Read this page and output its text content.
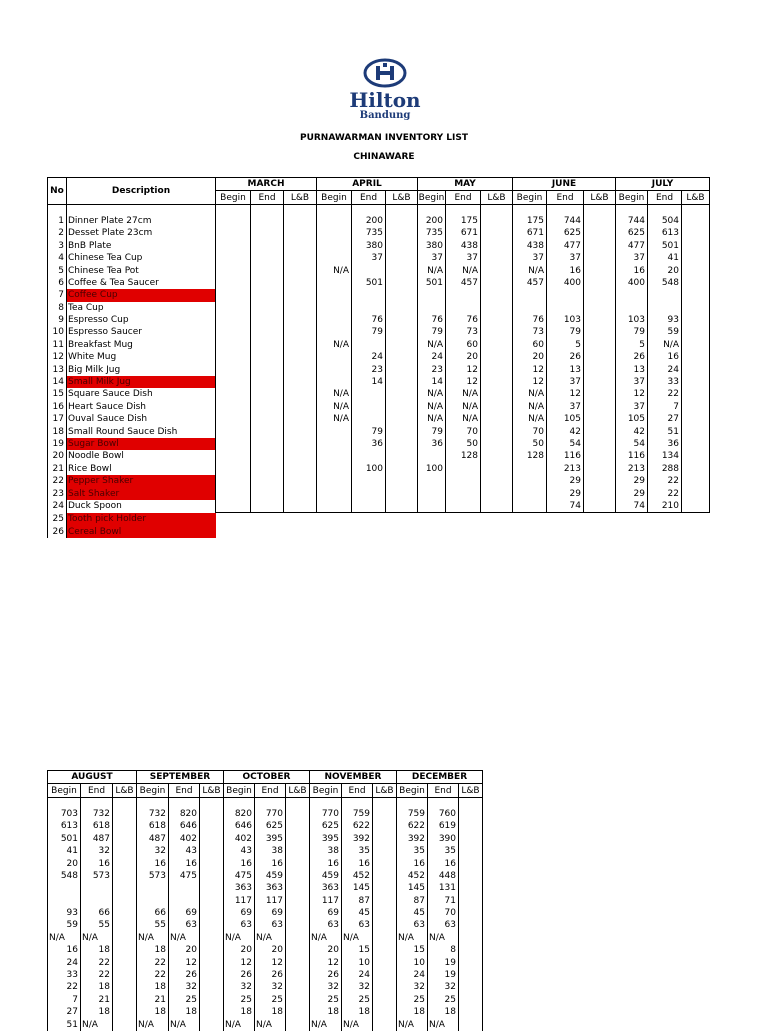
Hilton
Bandung
PURNAWARMAN INVENTORY LIST
CHINAWARE
No	Description	MARCH			APRIL			MAY			JUNE			JULY		
		Begin	End	L&B	Begin	End	L&B	Begin	End	L&B	Begin	End	L&B	Begin	End	L&B

1	Dinner Plate 27cm					200		200	175		175	744		744	504	
2	Desset Plate 23cm					735		735	671		671	625		625	613	
3	BnB Plate					380		380	438		438	477		477	501	
4	Chinese Tea Cup					37		37	37		37	37		37	41	
5	Chinese Tea Pot				N/A			N/A	N/A		N/A	16		16	20	
6	Coffee & Tea Saucer					501		501	457		457	400		400	548	
7	Coffee Cup															
8	Tea Cup															
9	Espresso Cup					76		76	76		76	103		103	93	
10	Espresso Saucer					79		79	73		73	79		79	59	
11	Breakfast Mug				N/A			N/A	60		60	5		5	N/A	
12	White Mug					24		24	20		20	26		26	16	
13	Big Milk Jug					23		23	12		12	13		13	24	
14	Small Milk Jug					14		14	12		12	37		37	33	
15	Square Sauce Dish				N/A			N/A	N/A		N/A	12		12	22	
16	Heart Sauce Dish				N/A			N/A	N/A		N/A	37		37	7	
17	Ouval Sauce Dish				N/A			N/A	N/A		N/A	105		105	27	
18	Small Round Sauce Dish					79		79	70		70	42		42	51	
19	Sugar Bowl					36		36	50		50	54		54	36	
20	Noodle Bowl								128		128	116		116	134	
21	Rice Bowl					100		100				213		213	288	
22	Pepper Shaker											29		29	22	
23	Salt Shaker											29		29	22	
24	Duck Spoon											74		74	210	
25	Tooth pick Holder															
26	Cereal Bowl															
AUGUST			SEPTEMBER			OCTOBER			NOVEMBER			DECEMBER		
Begin	End	L&B	Begin	End	L&B	Begin	End	L&B	Begin	End	L&B	Begin	End	L&B

703	732		732	820		820	770		770	759		759	760	
613	618		618	646		646	625		625	622		622	619	
501	487		487	402		402	395		395	392		392	390	
41	32		32	43		43	38		38	35		35	35	
20	16		16	16		16	16		16	16		16	16	
548	573		573	475		475	459		459	452		452	448	
						363	363		363	145		145	131	
						117	117		117	87		87	71	
93	66		66	69		69	69		69	45		45	70	
59	55		55	63		63	63		63	63		63	63	
N/A	N/A		N/A	N/A		N/A	N/A		N/A	N/A		N/A	N/A	
16	18		18	20		20	20		20	15		15	8	
24	22		22	12		12	12		12	10		10	19	
33	22		22	26		26	26		26	24		24	19	
22	18		18	32		32	32		32	32		32	32	
7	21		21	25		25	25		25	25		25	25	
27	18		18	18		18	18		18	18		18	18	
51	N/A		N/A	N/A		N/A	N/A		N/A	N/A		N/A	N/A	
